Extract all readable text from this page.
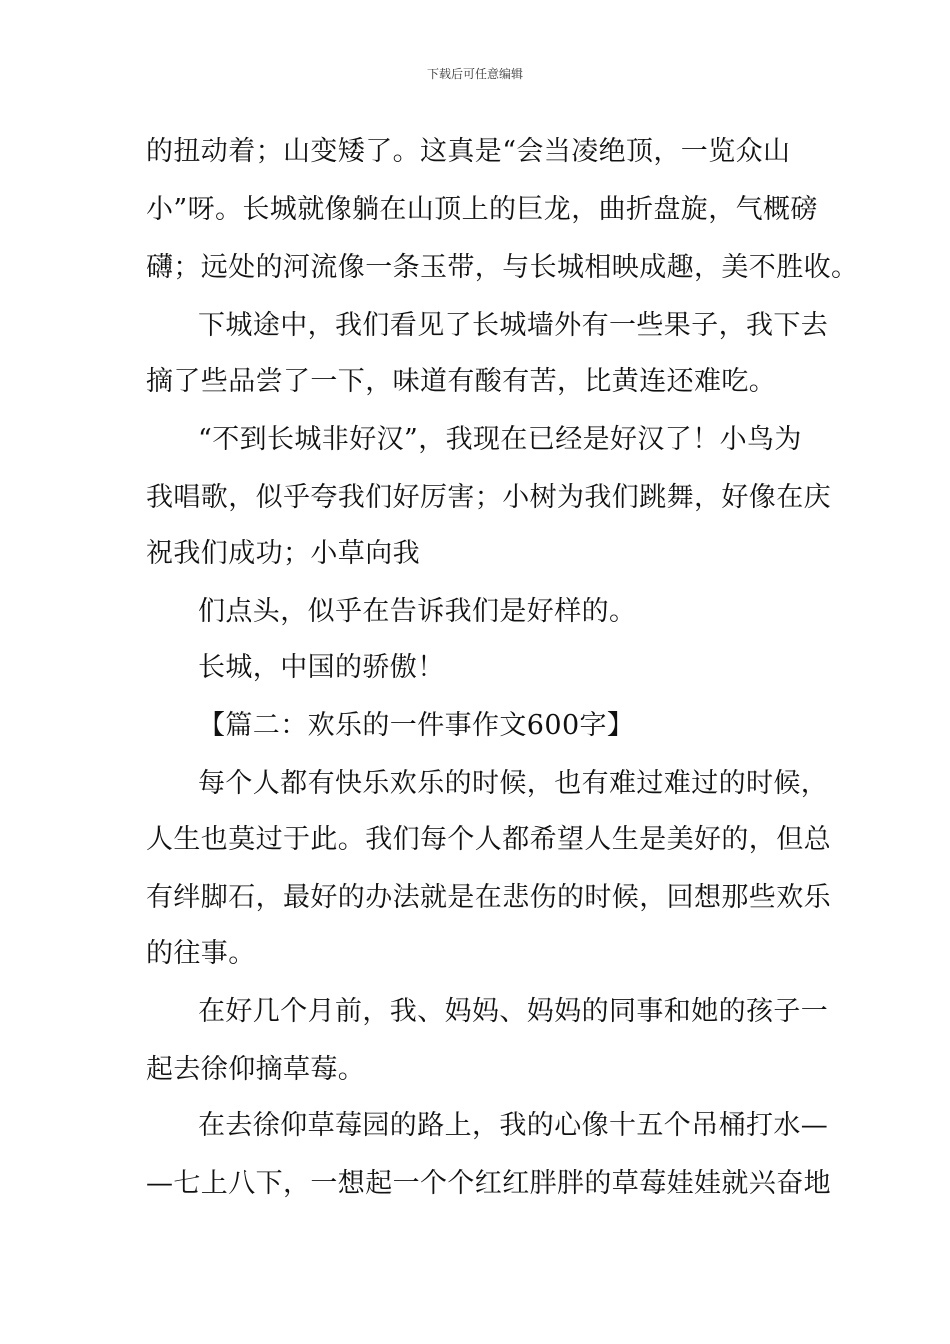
下载后可任意编辑
的扭动着；山变矮了。这真是“会当凌绝顶，一览众山
小”呀。长城就像躺在山顶上的巨龙，曲折盘旋，气概磅
礴；远处的河流像一条玉带，与长城相映成趣，美不胜收。
下城途中，我们看见了长城墙外有一些果子，我下去
摘了些品尝了一下，味道有酸有苦，比黄连还难吃。
“不到长城非好汉”，我现在已经是好汉了！小鸟为
我唱歌，似乎夸我们好厉害；小树为我们跳舞，好像在庆
祝我们成功；小草向我
们点头，似乎在告诉我们是好样的。
长城，中国的骄傲！
【篇二：欢乐的一件事作文600字】
每个人都有快乐欢乐的时候，也有难过难过的时候，
人生也莫过于此。我们每个人都希望人生是美好的，但总
有绊脚石，最好的办法就是在悲伤的时候，回想那些欢乐
的往事。
在好几个月前，我、妈妈、妈妈的同事和她的孩子一
起去徐仰摘草莓。
在去徐仰草莓园的路上，我的心像十五个吊桶打水—
—七上八下，一想起一个个红红胖胖的草莓娃娃就兴奋地
